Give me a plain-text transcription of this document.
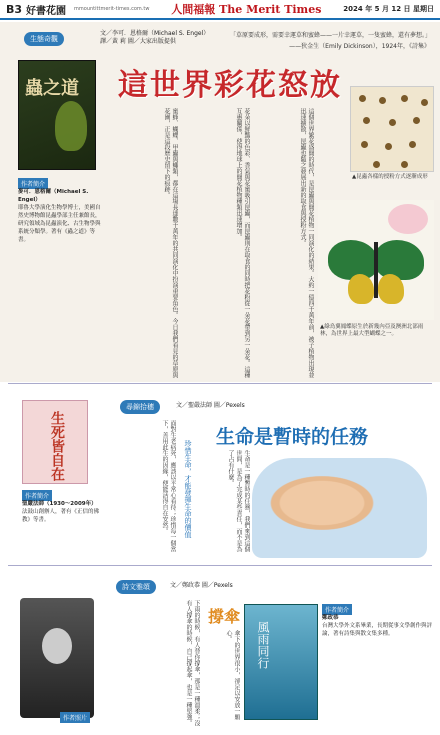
B3 好書花園 mmountittmerit-times.com.tw 人間福報 The Merit Times	2024 年 5 月 12 日 星期日
生態奇觀
文／李可．恩格爾（Michael S. Engel）
譯／黃 莉 圖／大家出版提供
「草原要成形，需要幸運草和蜜蜂——一片幸運草，一隻蜜蜂，還有夢想。」
——狄金生（Emily Dickinson），1924年，《詩集》
這世界彩花怒放
蟲之道
作者簡介
麥可．恩格爾（Michael S. Engel）
耶魯大學演化生物學博士，美國自然史博物館昆蟲學部主任兼館長，研究領域為昆蟲演化、古生物學與系統分類學。著有《蟲之道》等書。	蜜蜂、蝴蝶、甲蟲與蠅類，都在這場長達數千萬年的共同演化中扮演重要角色。今日我們看見的草原與花園，正是這段歷史留下的痕跡。	花朵以鮮豔的色彩、香氣與花蜜吸引昆蟲，而昆蟲則在取食的同時把花粉從一朵花帶到另一朵花。這種互惠關係，使得地球上的開花植物種類迅速增加。	這個世界繁花盛開的時代，是昆蟲與開花植物一同演化的結果。大約一億四千萬年前，被子植物出現並迅速擴散，昆蟲也隨之發展出新的取食與授粉方式。	▲昆蟲各樣的授粉方式逐漸成形
▲綠鳥翼鳳蝶原生於新幾內亞及澳洲北部雨林，為世界上最大型蝴蝶之一。
尋錦拾穗	文／聖嚴法師 圖／Pexels
生死皆自在
作者簡介
聖嚴法師（1930～2009年）
法鼓山創辦人，著有《正信的佛教》等書。
生命是暫時的任務
珍惜生命，才能發揮生命的價值
面對生老病死，應該以平常心看待；珍惜每一個當下，善用此生的因緣，便能活得自在安然。	生命是一種暫時的任務，我們來到這個世間，是為了完成某些責任，而不是為了占有什麼。
詩文雅頌	文／鄭政恭 圖／Pexels
作者照片
撐傘
下雨的時候，有人替你撐傘，那是一種溫柔；沒有人撐傘的時候，自己撐起傘，也是一種堅強。	傘下的世界很小，卻足以安放一顆心。	風雨同行
作者簡介
鄭政恭
台灣大學外文系畢業，長期從事文學創作與評論，著有詩集與散文集多種。
